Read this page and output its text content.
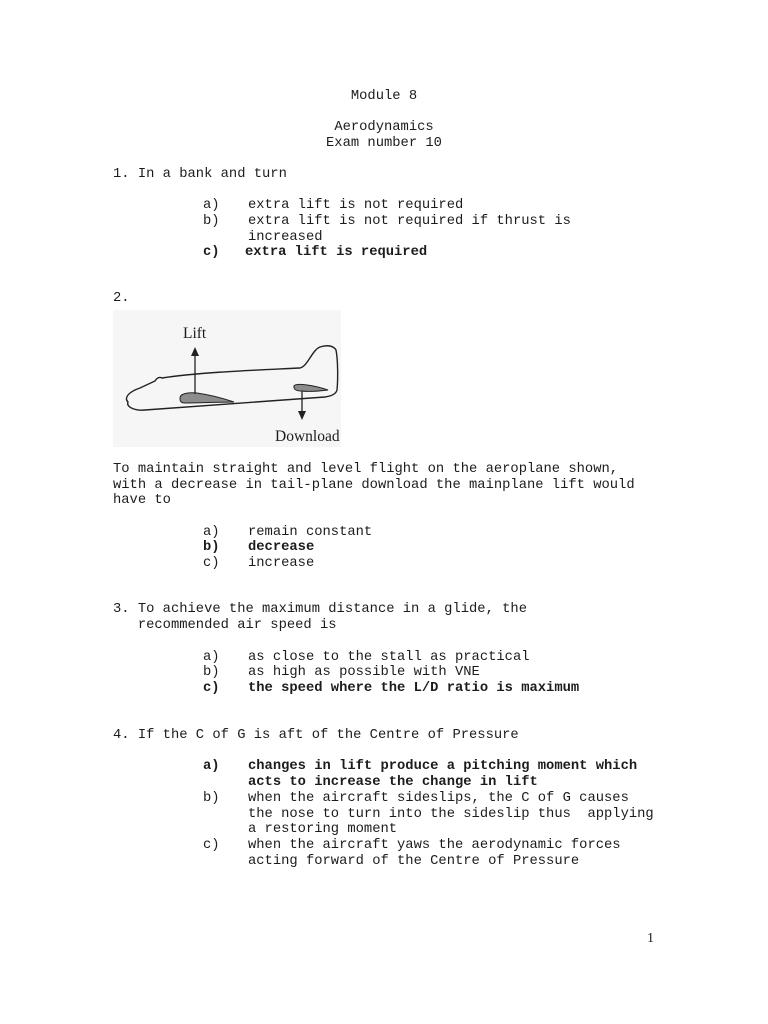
Module 8
Aerodynamics
Exam number 10
1. In a bank and turn
a)	extra lift is not required
b)	extra lift is not required if thrust is
increased
c)	extra lift is required
2.
Lift
Download
To maintain straight and level flight on the aeroplane shown,
with a decrease in tail-plane download the mainplane lift would
have to
a)	remain constant
b)	decrease
c)	increase
3. To achieve the maximum distance in a glide, the
recommended air speed is
a)	as close to the stall as practical
b)	as high as possible with VNE
c)	the speed where the L/D ratio is maximum
4. If the C of G is aft of the Centre of Pressure
a)	changes in lift produce a pitching moment which
acts to increase the change in lift
b)	when the aircraft sideslips, the C of G causes
the nose to turn into the sideslip thus  applying
a restoring moment
c)	when the aircraft yaws the aerodynamic forces
acting forward of the Centre of Pressure
1
